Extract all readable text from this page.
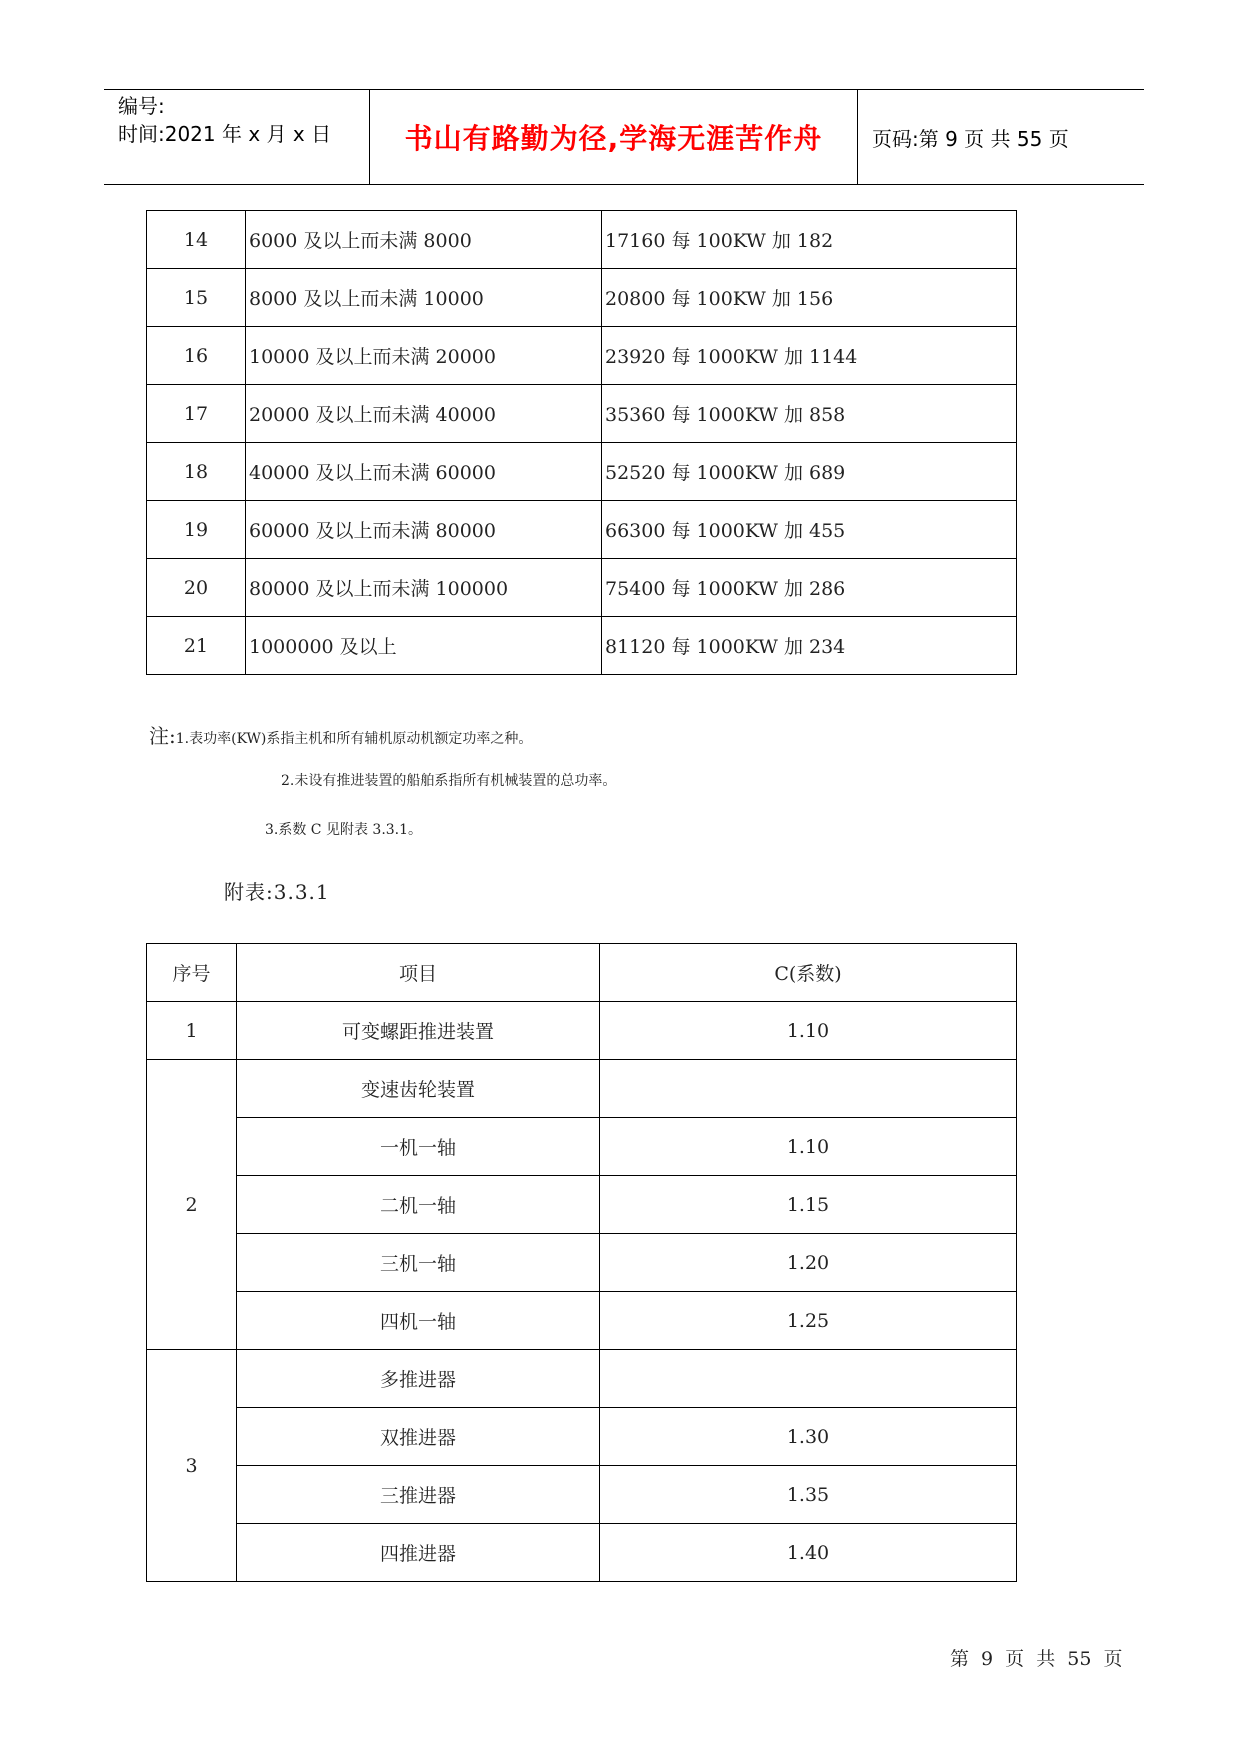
编号:
时间:2021 年 x 月 x 日	书山有路勤为径,学海无涯苦作舟	页码:第 9 页 共 55 页
14	6000 及以上而未满 8000	17160 每 100KW 加 182
15	8000 及以上而未满 10000	20800 每 100KW 加 156
16	10000 及以上而未满 20000	23920 每 1000KW 加 1144
17	20000 及以上而未满 40000	35360 每 1000KW 加 858
18	40000 及以上而未满 60000	52520 每 1000KW 加 689
19	60000 及以上而未满 80000	66300 每 1000KW 加 455
20	80000 及以上而未满 100000	75400 每 1000KW 加 286
21	1000000 及以上	81120 每 1000KW 加 234
注:1.表功率(KW)系指主机和所有辅机原动机额定功率之种。
2.未设有推进装置的船舶系指所有机械装置的总功率。
3.系数 C 见附表 3.3.1。
附表:3.3.1
序号	项目	C(系数)
1	可变螺距推进装置	1.10
2	变速齿轮装置	
	一机一轴	1.10
	二机一轴	1.15
	三机一轴	1.20
	四机一轴	1.25
3	多推进器	
	双推进器	1.30
	三推进器	1.35
	四推进器	1.40
第 9 页 共 55 页
